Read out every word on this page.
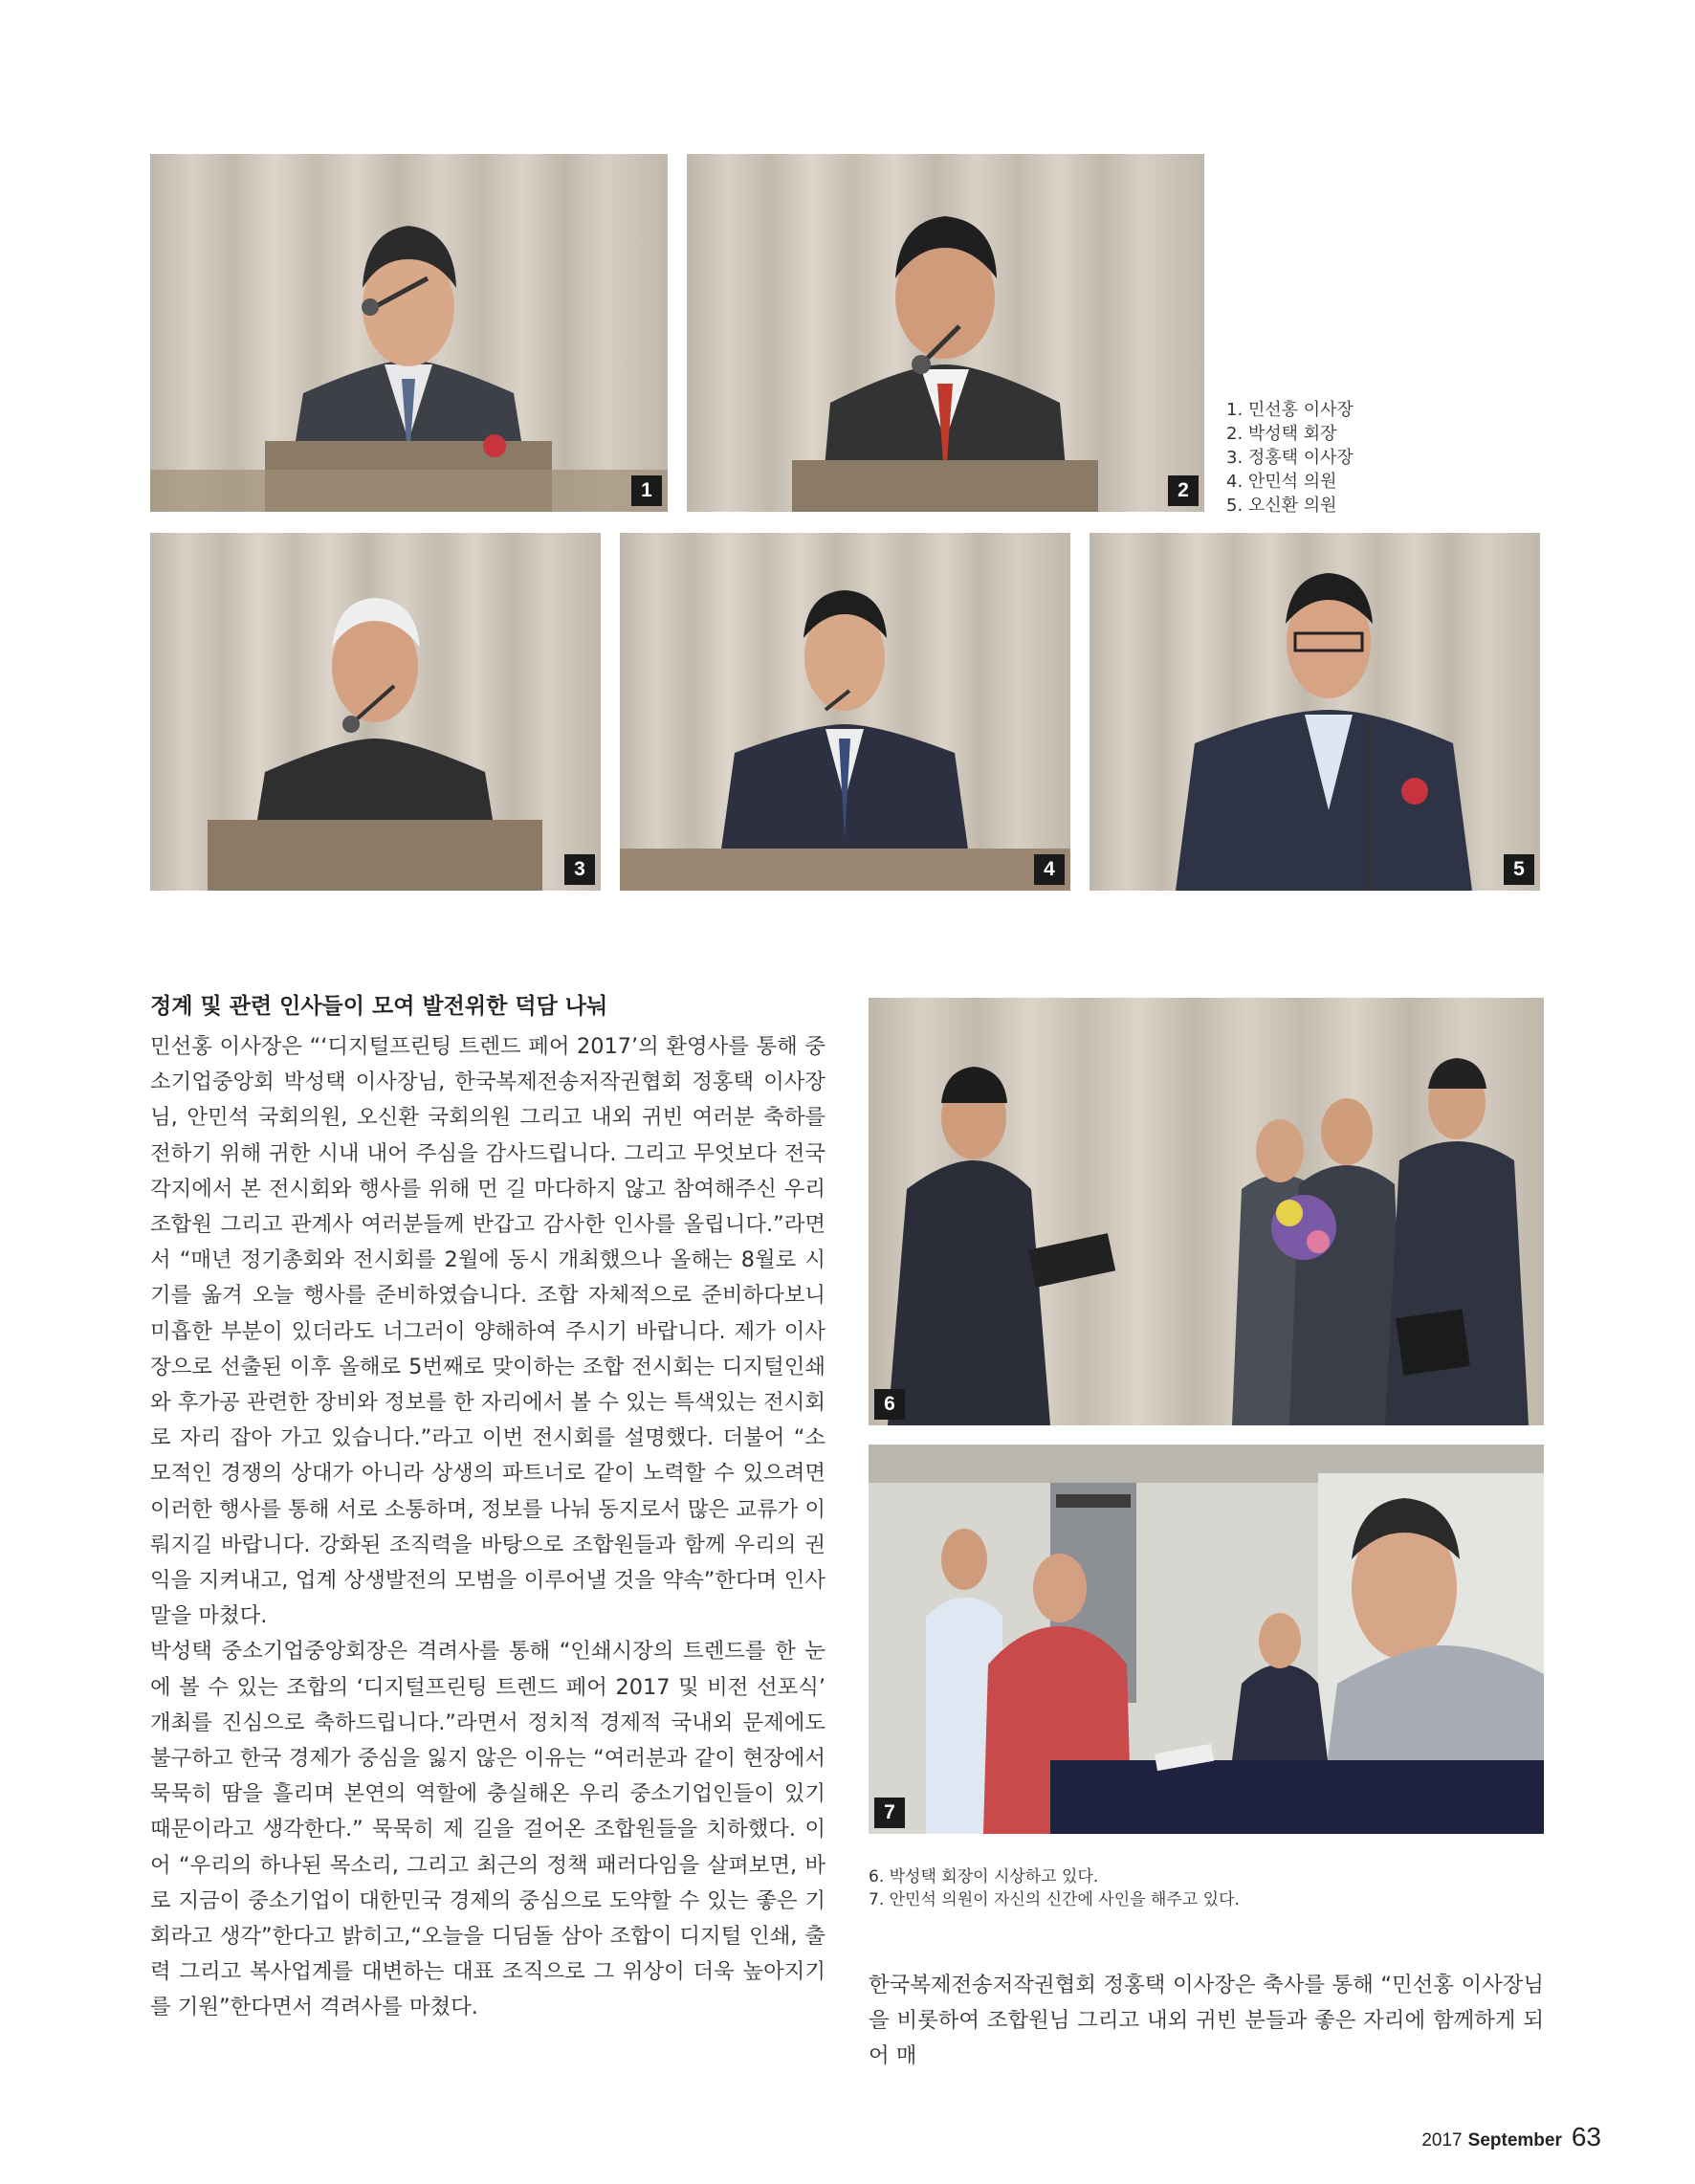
1	2
1. 민선홍 이사장
2. 박성택 회장
3. 정홍택 이사장
4. 안민석 의원
5. 오신환 의원
3	4	5
정계 및 관련 인사들이 모여 발전위한 덕담 나눠

민선홍 이사장은 “‘디지털프린팅 트렌드 페어 2017’의 환영사를 통해 중소기업중앙회 박성택 이사장님, 한국복제전송저작권협회 정홍택 이사장님, 안민석 국회의원, 오신환 국회의원 그리고 내외 귀빈 여러분 축하를 전하기 위해 귀한 시내 내어 주심을 감사드립니다. 그리고 무엇보다 전국 각지에서 본 전시회와 행사를 위해 먼 길 마다하지 않고 참여해주신 우리 조합원 그리고 관계사 여러분들께 반갑고 감사한 인사를 올립니다.”라면서 “매년 정기총회와 전시회를 2월에 동시 개최했으나 올해는 8월로 시기를 옮겨 오늘 행사를 준비하였습니다. 조합 자체적으로 준비하다보니 미흡한 부분이 있더라도 너그러이 양해하여 주시기 바랍니다. 제가 이사장으로 선출된 이후 올해로 5번째로 맞이하는 조합 전시회는 디지털인쇄와 후가공 관련한 장비와 정보를 한 자리에서 볼 수 있는 특색있는 전시회로 자리 잡아 가고 있습니다.”라고 이번 전시회를 설명했다. 더불어 “소모적인 경쟁의 상대가 아니라 상생의 파트너로 같이 노력할 수 있으려면 이러한 행사를 통해 서로 소통하며, 정보를 나눠 동지로서 많은 교류가 이뤄지길 바랍니다. 강화된 조직력을 바탕으로 조합원들과 함께 우리의 권익을 지켜내고, 업계 상생발전의 모범을 이루어낼 것을 약속”한다며 인사말을 마쳤다.

박성택 중소기업중앙회장은 격려사를 통해 “인쇄시장의 트렌드를 한 눈에 볼 수 있는 조합의 ‘디지털프린팅 트렌드 페어 2017 및 비전 선포식’ 개최를 진심으로 축하드립니다.”라면서 정치적 경제적 국내외 문제에도 불구하고 한국 경제가 중심을 잃지 않은 이유는 “여러분과 같이 현장에서 묵묵히 땀을 흘리며 본연의 역할에 충실해온 우리 중소기업인들이 있기 때문이라고 생각한다.” 묵묵히 제 길을 걸어온 조합원들을 치하했다. 이어 “우리의 하나된 목소리, 그리고 최근의 정책 패러다임을 살펴보면, 바로 지금이 중소기업이 대한민국 경제의 중심으로 도약할 수 있는 좋은 기회라고 생각”한다고 밝히고,“오늘을 디딤돌 삼아 조합이 디지털 인쇄, 출력 그리고 복사업계를 대변하는 대표 조직으로 그 위상이 더욱 높아지기를 기원”한다면서 격려사를 마쳤다.

6
7
6. 박성택 회장이 시상하고 있다.
7. 안민석 의원이 자신의 신간에 사인을 해주고 있다.
한국복제전송저작권협회 정홍택 이사장은 축사를 통해 “민선홍 이사장님을 비롯하여 조합원님 그리고 내외 귀빈 분들과 좋은 자리에 함께하게 되어 매
2017 September 63
